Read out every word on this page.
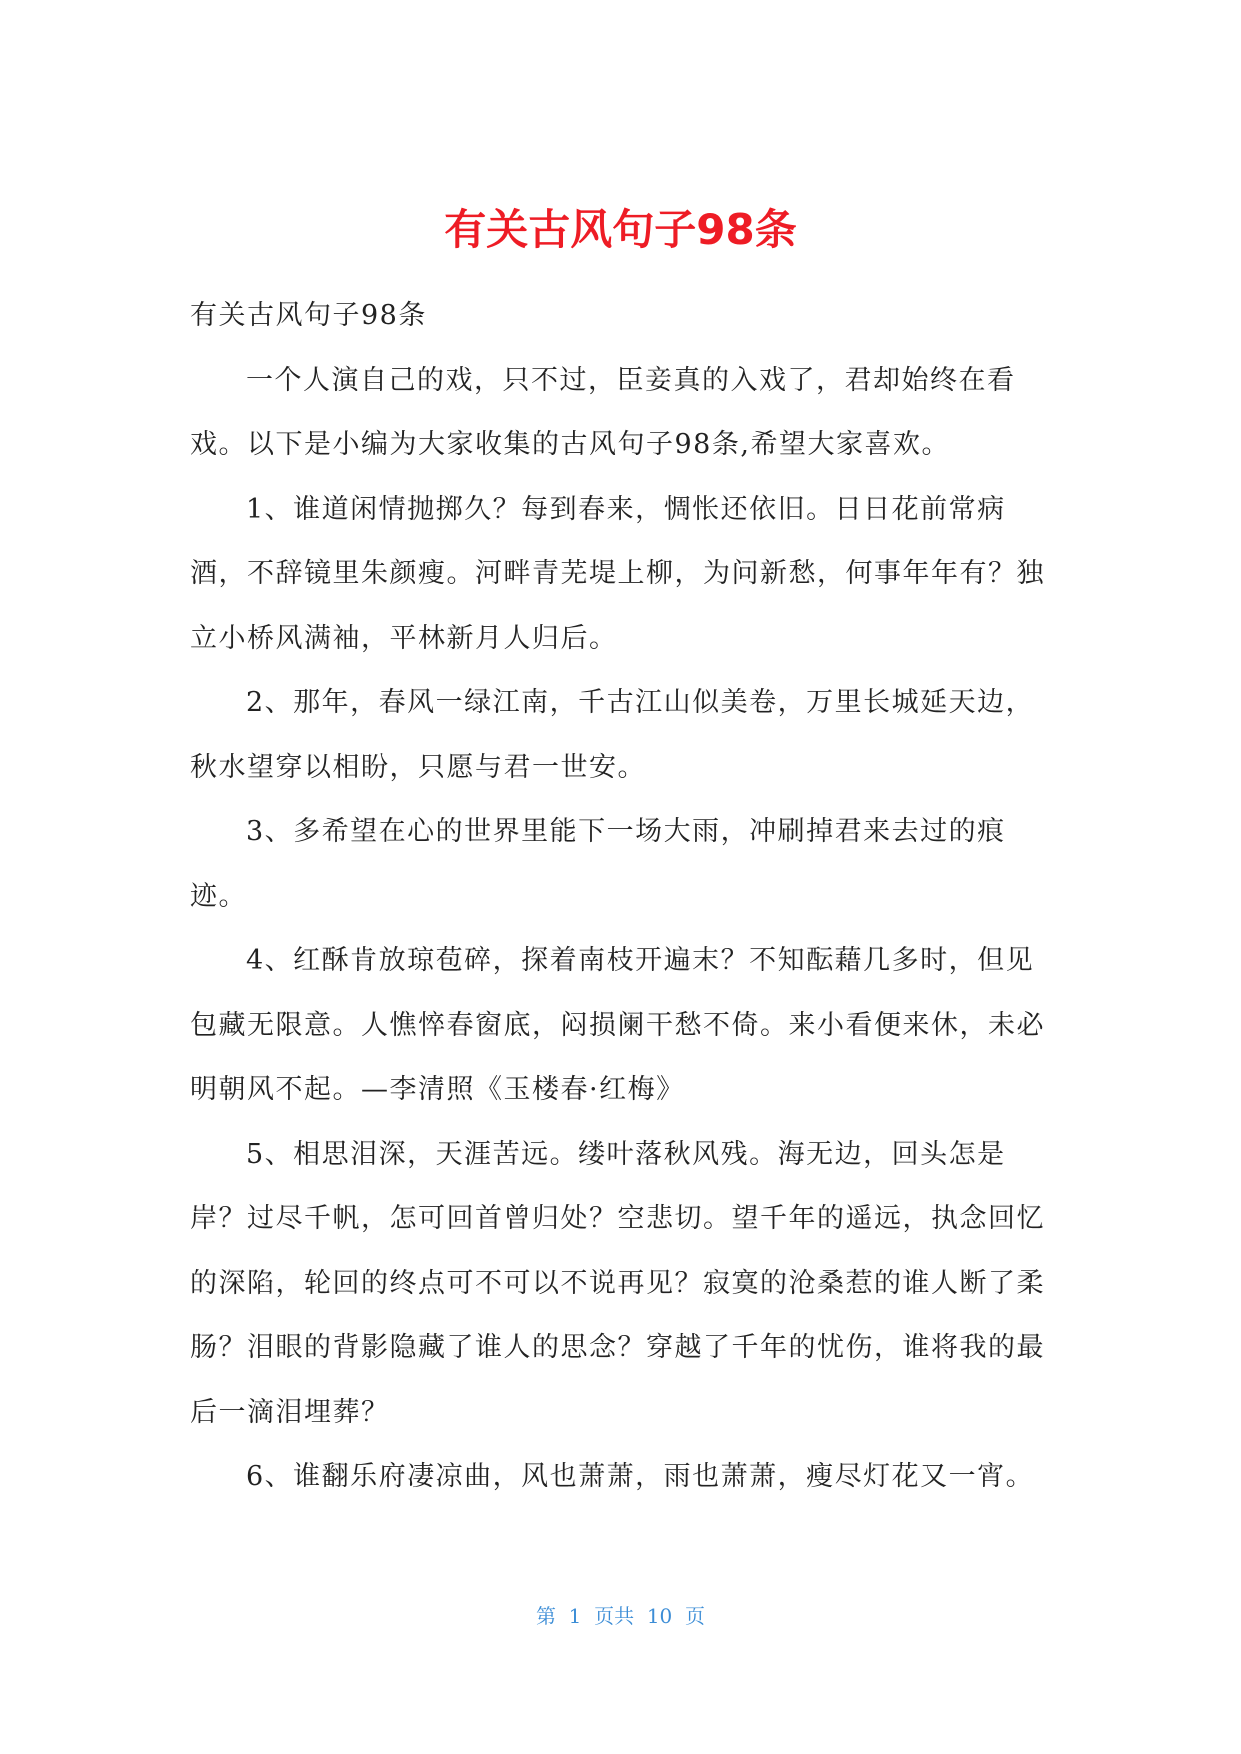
有关古风句子98条

有关古风句子98条

一个人演自己的戏，只不过，臣妾真的入戏了，君却始终在看戏。以下是小编为大家收集的古风句子98条,希望大家喜欢。

1、谁道闲情抛掷久？每到春来，惆怅还依旧。日日花前常病酒，不辞镜里朱颜瘦。河畔青芜堤上柳，为问新愁，何事年年有？独立小桥风满袖，平林新月人归后。

2、那年，春风一绿江南，千古江山似美卷，万里长城延天边，秋水望穿以相盼，只愿与君一世安。

3、多希望在心的世界里能下一场大雨，冲刷掉君来去过的痕迹。

4、红酥肯放琼苞碎，探着南枝开遍末？不知酝藉几多时，但见包藏无限意。人憔悴春窗底，闷损阑干愁不倚。来小看便来休，未必明朝风不起。—李清照《玉楼春·红梅》

5、相思泪深，天涯苦远。缕叶落秋风残。海无边，回头怎是岸？过尽千帆，怎可回首曾归处？空悲切。望千年的遥远，执念回忆的深陷，轮回的终点可不可以不说再见？寂寞的沧桑惹的谁人断了柔肠？泪眼的背影隐藏了谁人的思念？穿越了千年的忧伤，谁将我的最后一滴泪埋葬？

6、谁翻乐府凄凉曲，风也萧萧，雨也萧萧，瘦尽灯花又一宵。

第  1  页共  10  页
